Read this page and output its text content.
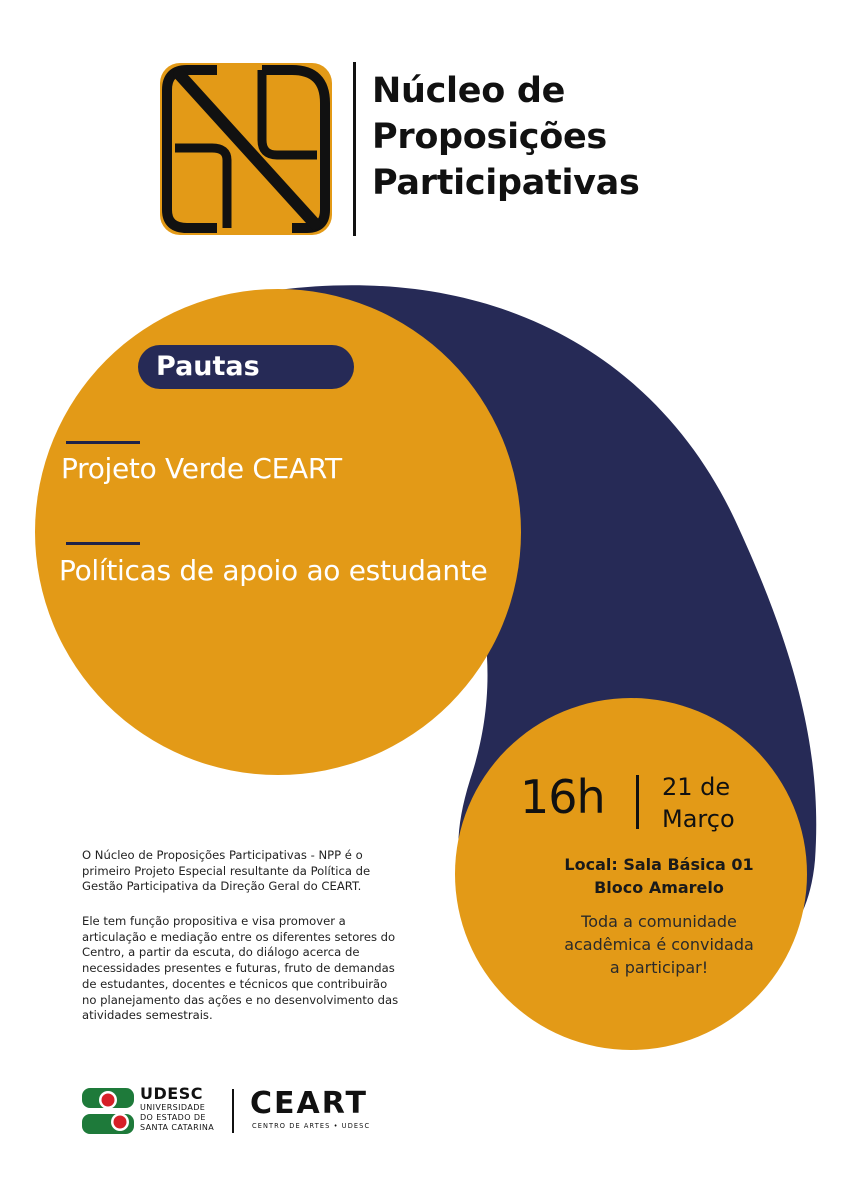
Núcleo de
Proposições
Participativas
Pautas
Projeto Verde CEART
Políticas de apoio ao estudante
16h 21 de
Março
Local: Sala Básica 01
Bloco Amarelo
Toda a comunidade
acadêmica é convidada
a participar!
O Núcleo de Proposições Participativas - NPP é o
primeiro Projeto Especial resultante da Política de
Gestão Participativa da Direção Geral do CEART.
Ele tem função propositiva e visa promover a
articulação e mediação entre os diferentes setores do
Centro, a partir da escuta, do diálogo acerca de
necessidades presentes e futuras, fruto de demandas
de estudantes, docentes e técnicos que contribuirão
no planejamento das ações e no desenvolvimento das
atividades semestrais.
UDESC
UNIVERSIDADE
DO ESTADO DE
SANTA CATARINA
CEART
CENTRO DE ARTES • UDESC
